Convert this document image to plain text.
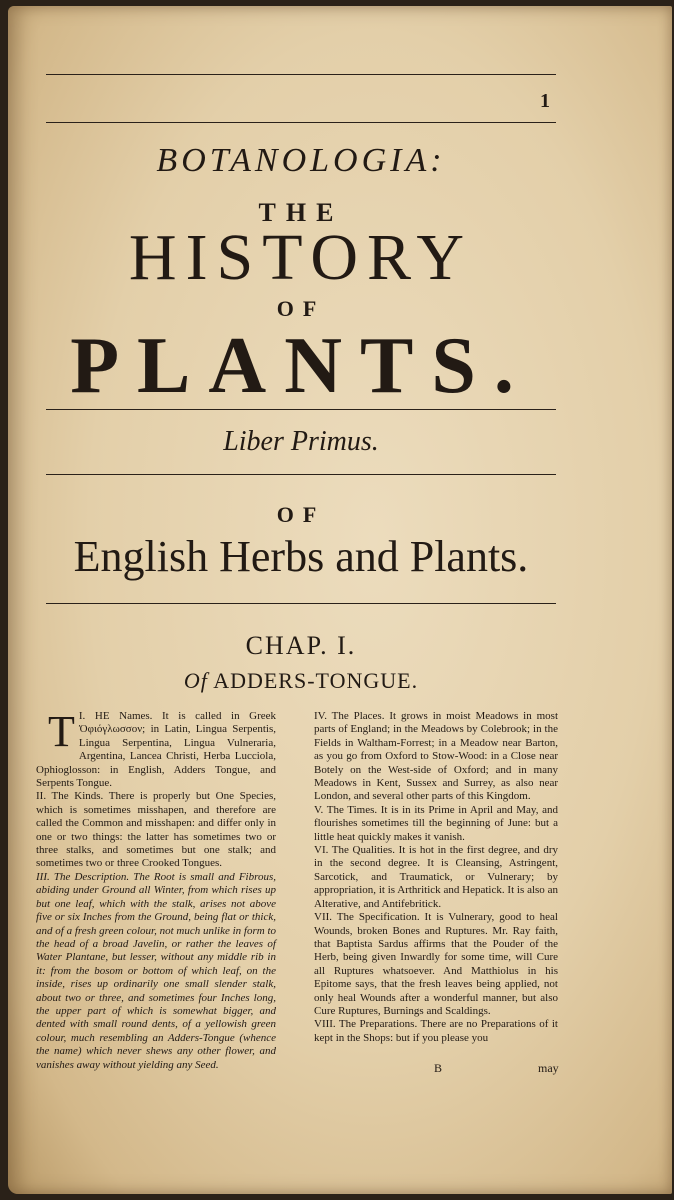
1
BOTANOLOGIA:
THE
HISTORY
OF
PLANTS.
Liber Primus.
OF
English Herbs and Plants.
CHAP. I.
Of ADDERS-TONGUE.

I.
T HE Names. It is called in Greek Ὀφιόγλωσσον; in Latin, Lingua Serpentis, Lingua Serpentina, Lingua Vulneraria, Argentina, Lancea Christi, Herba Lucciola, Ophioglosson: in English, Adders Tongue, and Serpents Tongue.

II. The Kinds. There is properly but One Species, which is sometimes misshapen, and therefore are called the Common and misshapen: and differ only in one or two things: the latter has sometimes two or three stalks, and sometimes but one stalk; and sometimes two or three Crooked Tongues.

III. The Description. The Root is small and Fibrous, abiding under Ground all Winter, from which rises up but one leaf, which with the stalk, arises not above five or six Inches from the Ground, being flat or thick, and of a fresh green colour, not much unlike in form to the head of a broad Javelin, or rather the leaves of Water Plantane, but lesser, without any middle rib in it: from the bosom or bottom of which leaf, on the inside, rises up ordinarily one small slender stalk, about two or three, and sometimes four Inches long, the upper part of which is somewhat bigger, and dented with small round dents, of a yellowish green colour, much resembling an Adders-Tongue (whence the name) which never shews any other flower, and vanishes away without yielding any Seed.

IV. The Places. It grows in moist Meadows in most parts of England; in the Meadows by Colebrook; in the Fields in Waltham-Forrest; in a Meadow near Barton, as you go from Oxford to Stow-Wood: in a Close near Botely on the West-side of Oxford; and in many Meadows in Kent, Sussex and Surrey, as also near London, and several other parts of this Kingdom.

V. The Times. It is in its Prime in April and May, and flourishes sometimes till the beginning of June: but a little heat quickly makes it vanish.

VI. The Qualities. It is hot in the first degree, and dry in the second degree. It is Cleansing, Astringent, Sarcotick, and Traumatick, or Vulnerary; by appropriation, it is Arthritick and Hepatick. It is also an Alterative, and Antifebritick.

VII. The Specification. It is Vulnerary, good to heal Wounds, broken Bones and Ruptures. Mr. Ray faith, that Baptista Sardus affirms that the Pouder of the Herb, being given Inwardly for some time, will Cure all Ruptures whatsoever. And Matthiolus in his Epitome says, that the fresh leaves being applied, not only heal Wounds after a wonderful manner, but also Cure Ruptures, Burnings and Scaldings.

VIII. The Preparations. There are no Preparations of it kept in the Shops: but if you please you

B	may
